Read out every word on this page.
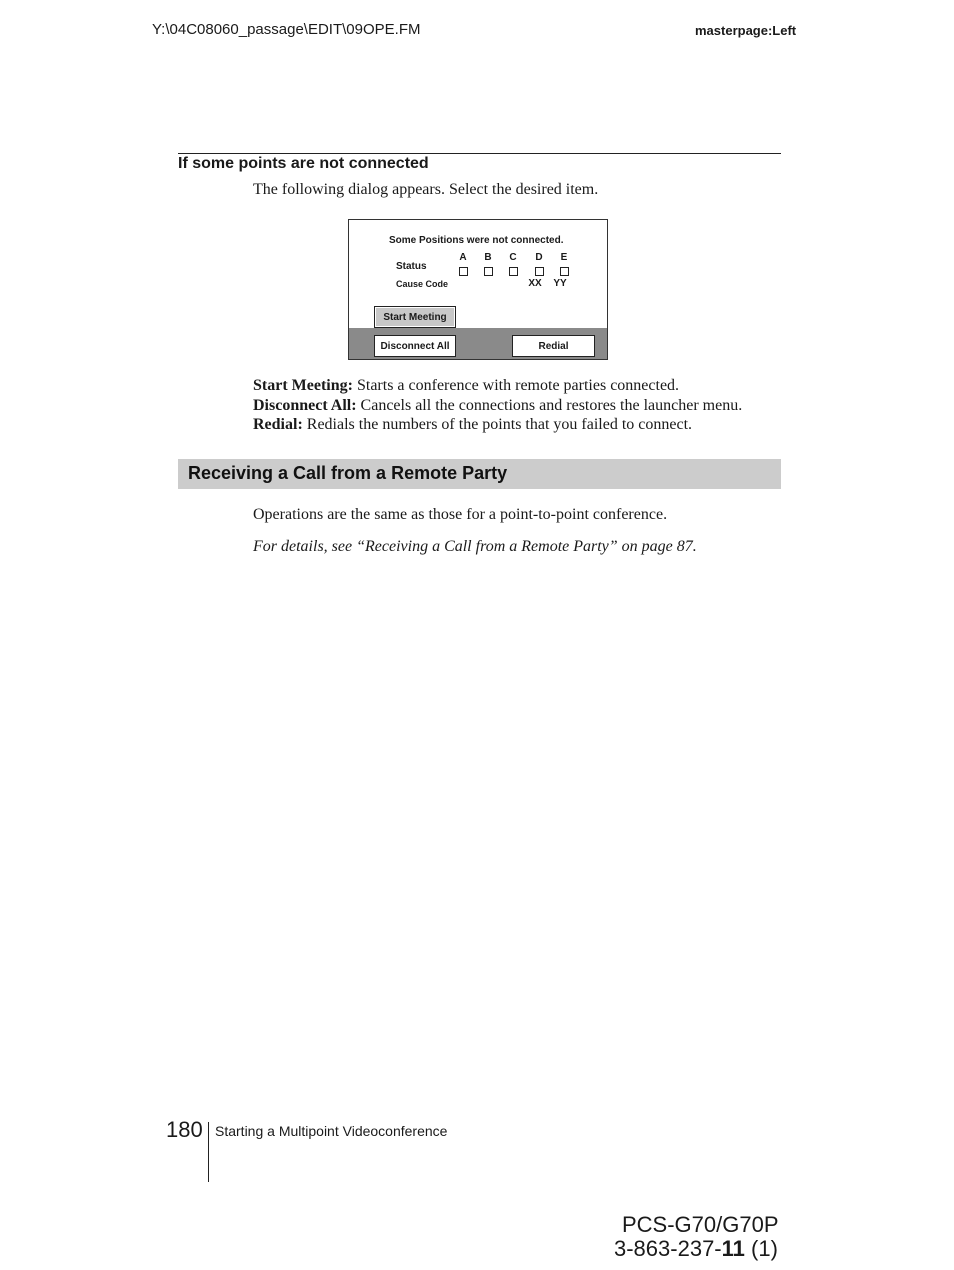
Y:\04C08060_passage\EDIT\09OPE.FM	masterpage:Left
If some points are not connected
The following dialog appears. Select the desired item.
Some Positions were not connected.
A B C D E
Status
Cause Code	XX	YY
Start Meeting
Disconnect All	Redial
Start Meeting: Starts a conference with remote parties connected.
Disconnect All: Cancels all the connections and restores the launcher menu.
Redial: Redials the numbers of the points that you failed to connect.
Receiving a Call from a Remote Party
Operations are the same as those for a point-to-point conference.
For details, see “Receiving a Call from a Remote Party” on page 87.
180 Starting a Multipoint Videoconference
PCS-G70/G70P
3-863-237-11 (1)
